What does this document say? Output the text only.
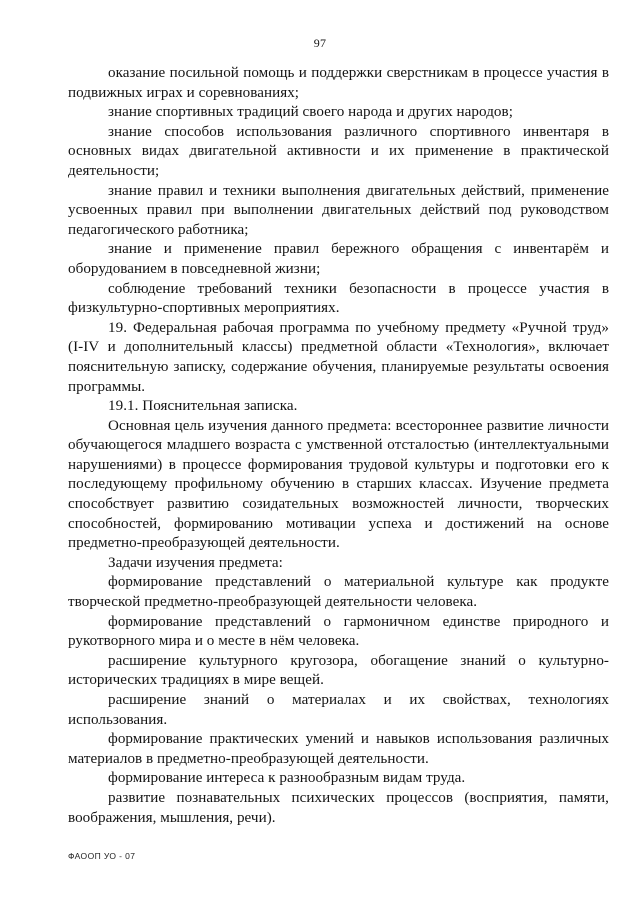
97

оказание посильной помощь и поддержки сверстникам в процессе участия в подвижных играх и соревнованиях;

знание спортивных традиций своего народа и других народов;

знание способов использования различного спортивного инвентаря в основных видах двигательной активности и их применение в практической деятельности;

знание правил и техники выполнения двигательных действий, применение усвоенных правил при выполнении двигательных действий под руководством педагогического работника;

знание и применение правил бережного обращения с инвентарём и оборудованием в повседневной жизни;

соблюдение требований техники безопасности в процессе участия в физкультурно-спортивных мероприятиях.

19. Федеральная рабочая программа по учебному предмету «Ручной труд» (I-IV и дополнительный классы) предметной области «Технология», включает пояснительную записку, содержание обучения, планируемые результаты освоения программы.

19.1. Пояснительная записка.

Основная цель изучения данного предмета: всестороннее развитие личности обучающегося младшего возраста с умственной отсталостью (интеллектуальными нарушениями) в процессе формирования трудовой культуры и подготовки его к последующему профильному обучению в старших классах. Изучение предмета способствует развитию созидательных возможностей личности, творческих способностей, формированию мотивации успеха и достижений на основе предметно-преобразующей деятельности.

Задачи изучения предмета:

формирование представлений о материальной культуре как продукте творческой предметно-преобразующей деятельности человека.

формирование представлений о гармоничном единстве природного и рукотворного мира и о месте в нём человека.

расширение культурного кругозора, обогащение знаний о культурно-исторических традициях в мире вещей.

расширение знаний о материалах и их свойствах, технологиях использования.

формирование практических умений и навыков использования различных материалов в предметно-преобразующей деятельности.

формирование интереса к разнообразным видам труда.

развитие познавательных психических процессов (восприятия, памяти, воображения, мышления, речи).

ФАООП УО - 07
